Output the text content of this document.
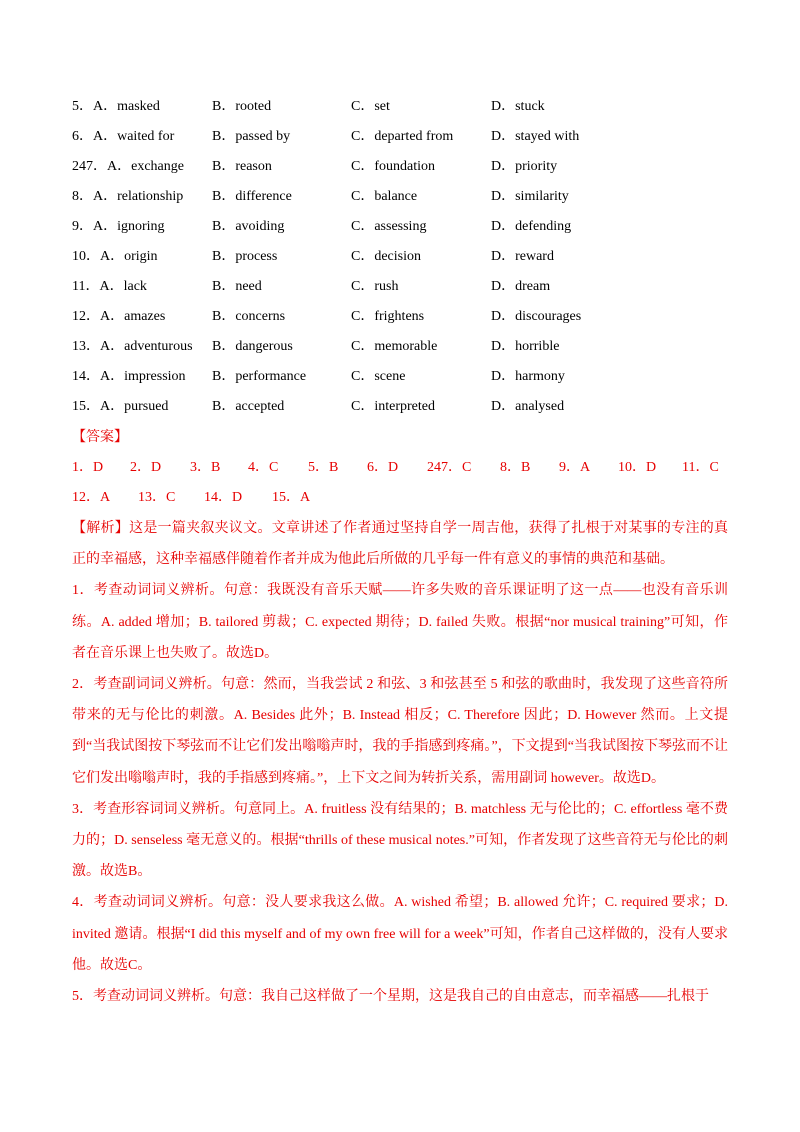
5．A．masked	B．rooted	C．set	D．stuck
6．A．waited for	B．passed by	C．departed from	D．stayed with
247．A．exchange B．reason	C．foundation	D．priority
8．A．relationship B．difference	C．balance	D．similarity
9．A．ignoring	B．avoiding	C．assessing	D．defending
10．A．origin	B．process	C．decision	D．reward
11．A．lack	B．need	C．rush	D．dream
12．A．amazes	B．concerns	C．frightens	D．discourages
13．A．adventurous B．dangerous	C．memorable	D．horrible
14．A．impression B．performance	C．scene	D．harmony
15．A．pursued	B．accepted	C．interpreted	D．analysed
【答案】
1．D 2．D 3．B 4．C 5．B 6．D 247．C 8．B 9．A 10．D 11．C
12．A 13．C 14．D 15．A

【解析】这是一篇夹叙夹议文。文章讲述了作者通过坚持自学一周吉他，获得了扎根于对某事的专注的真正的幸福感，这种幸福感伴随着作者并成为他此后所做的几乎每一件有意义的事情的典范和基础。

1．考查动词词义辨析。句意：我既没有音乐天赋——许多失败的音乐课证明了这一点——也没有音乐训练。A. added 增加；B. tailored 剪裁；C. expected 期待；D. failed 失败。根据“nor musical training”可知，作者在音乐课上也失败了。故选D。

2．考查副词词义辨析。句意：然而，当我尝试 2 和弦、3 和弦甚至 5 和弦的歌曲时，我发现了这些音符所带来的无与伦比的刺激。A. Besides 此外；B. Instead 相反；C. Therefore 因此；D. However 然而。上文提到“当我试图按下琴弦而不让它们发出嗡嗡声时，我的手指感到疼痛。”，下文提到“当我试图按下琴弦而不让它们发出嗡嗡声时，我的手指感到疼痛。”，上下文之间为转折关系，需用副词 however。故选D。

3．考查形容词词义辨析。句意同上。A. fruitless 没有结果的；B. matchless 无与伦比的；C. effortless 毫不费力的；D. senseless 毫无意义的。根据“thrills of these musical notes.”可知，作者发现了这些音符无与伦比的刺激。故选B。

4．考查动词词义辨析。句意：没人要求我这么做。A. wished 希望；B. allowed 允许；C. required 要求；D. invited 邀请。根据“I did this myself and of my own free will for a week”可知，作者自己这样做的，没有人要求他。故选C。

5．考查动词词义辨析。句意：我自己这样做了一个星期，这是我自己的自由意志，而幸福感——扎根于
